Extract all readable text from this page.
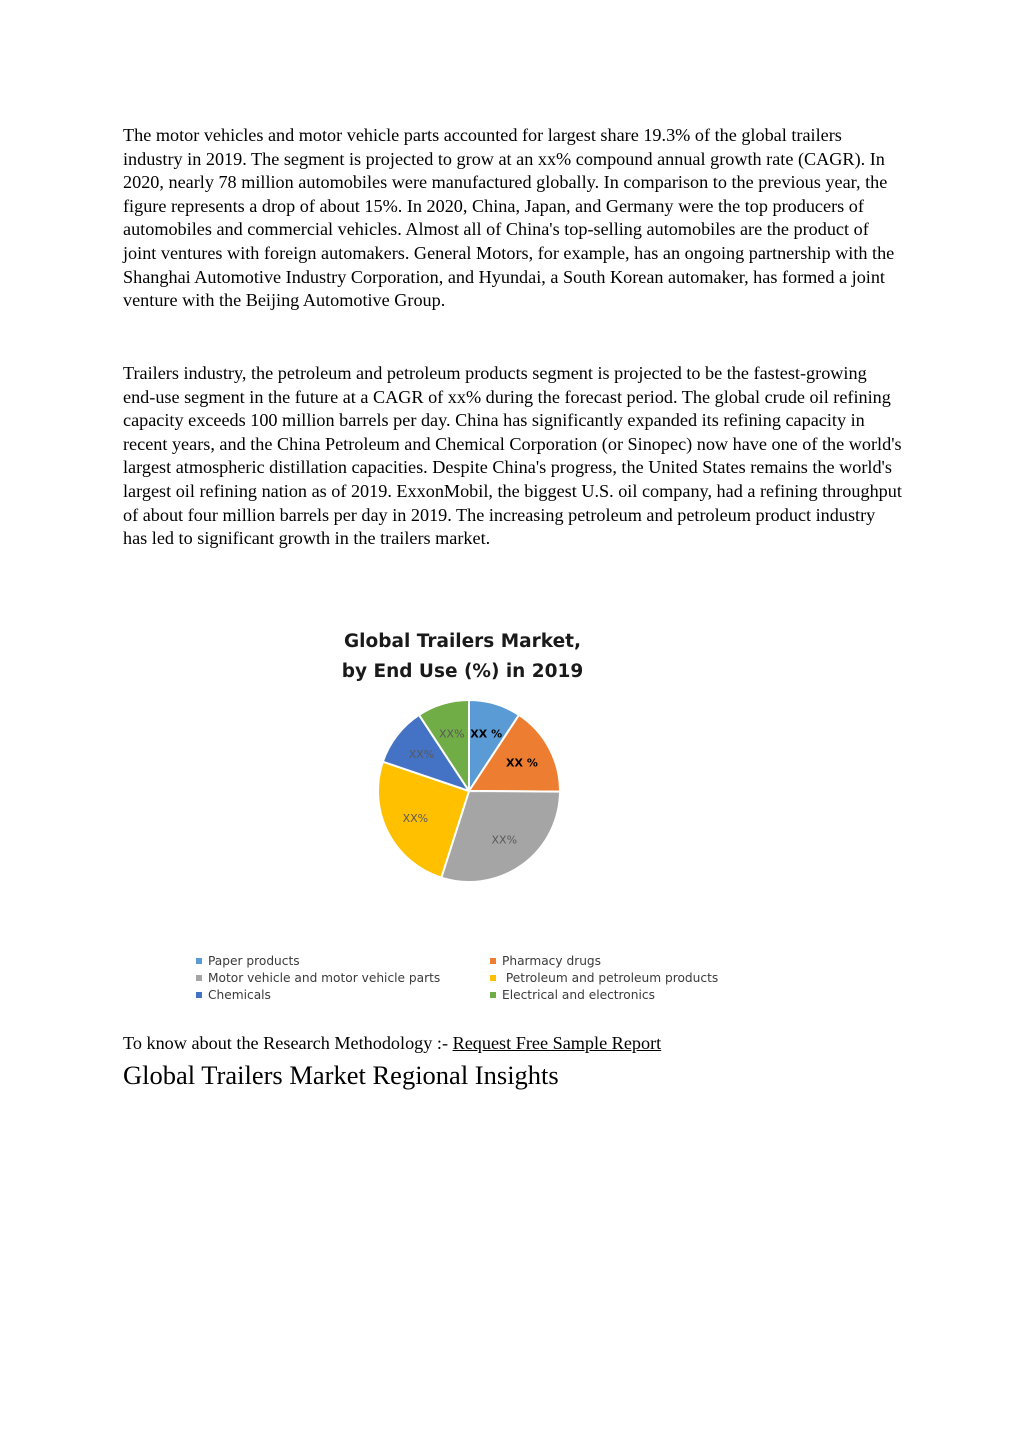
The motor vehicles and motor vehicle parts accounted for largest share 19.3% of the global trailers industry in 2019. The segment is projected to grow at an xx% compound annual growth rate (CAGR). In 2020, nearly 78 million automobiles were manufactured globally. In comparison to the previous year, the figure represents a drop of about 15%. In 2020, China, Japan, and Germany were the top producers of automobiles and commercial vehicles. Almost all of China's top-selling automobiles are the product of joint ventures with foreign automakers. General Motors, for example, has an ongoing partnership with the Shanghai Automotive Industry Corporation, and Hyundai, a South Korean automaker, has formed a joint venture with the Beijing Automotive Group.

Trailers industry, the petroleum and petroleum products segment is projected to be the fastest-growing end-use segment in the future at a CAGR of xx% during the forecast period. The global crude oil refining capacity exceeds 100 million barrels per day. China has significantly expanded its refining capacity in recent years, and the China Petroleum and Chemical Corporation (or Sinopec) now have one of the world's largest atmospheric distillation capacities. Despite China's progress, the United States remains the world's largest oil refining nation as of 2019. ExxonMobil, the biggest U.S. oil company, had a refining throughput of about four million barrels per day in 2019. The increasing petroleum and petroleum product industry has led to significant growth in the trailers market.

Global Trailers Market,
by End Use (%) in 2019
XX %
XX %
XX%
XX%
XX%
XX%
Paper products	Pharmacy drugs
Motor vehicle and motor vehicle parts	Petroleum and petroleum products
Chemicals	Electrical and electronics
To know about the Research Methodology :- Request Free Sample Report
Global Trailers Market Regional Insights
